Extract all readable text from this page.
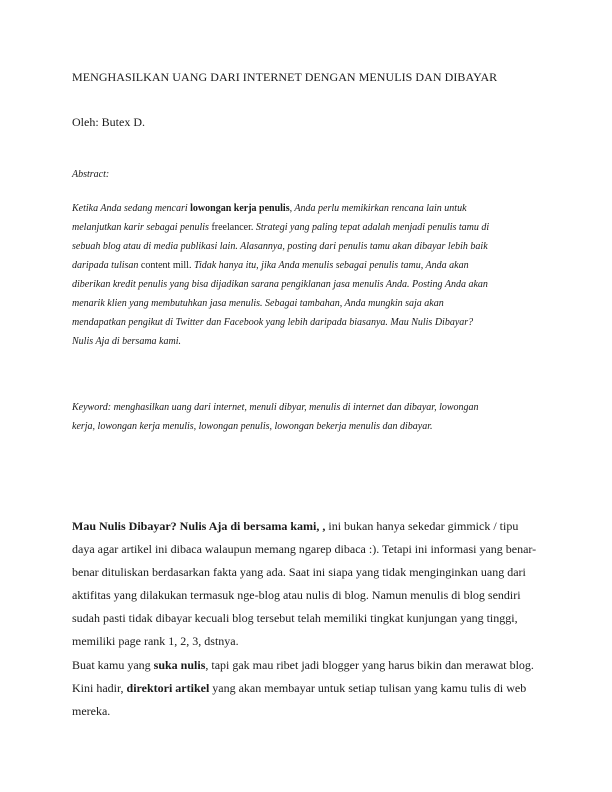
MENGHASILKAN UANG DARI INTERNET DENGAN MENULIS DAN DIBAYAR
Oleh: Butex D.
Abstract:
Ketika Anda sedang mencari lowongan kerja penulis, Anda perlu memikirkan rencana lain untuk
melanjutkan karir sebagai penulis freelancer. Strategi yang paling tepat adalah menjadi penulis tamu di
sebuah blog atau di media publikasi lain. Alasannya, posting dari penulis tamu akan dibayar lebih baik
daripada tulisan content mill. Tidak hanya itu, jika Anda menulis sebagai penulis tamu, Anda akan
diberikan kredit penulis yang bisa dijadikan sarana pengiklanan jasa menulis Anda. Posting Anda akan
menarik klien yang membutuhkan jasa menulis. Sebagai tambahan, Anda mungkin saja akan
mendapatkan pengikut di Twitter dan Facebook yang lebih daripada biasanya. Mau Nulis Dibayar?
Nulis Aja di bersama kami.
Keyword: menghasilkan uang dari internet, menuli dibyar, menulis di internet dan dibayar, lowongan
kerja, lowongan kerja menulis, lowongan penulis, lowongan bekerja menulis dan dibayar.
Mau Nulis Dibayar? Nulis Aja di bersama kami, , ini bukan hanya sekedar gimmick / tipu
daya agar artikel ini dibaca walaupun memang ngarep dibaca :). Tetapi ini informasi yang benar-
benar dituliskan berdasarkan fakta yang ada. Saat ini siapa yang tidak menginginkan uang dari
aktifitas yang dilakukan termasuk nge-blog atau nulis di blog. Namun menulis di blog sendiri
sudah pasti tidak dibayar kecuali blog tersebut telah memiliki tingkat kunjungan yang tinggi,
memiliki page rank 1, 2, 3, dstnya.
Buat kamu yang suka nulis, tapi gak mau ribet jadi blogger yang harus bikin dan merawat blog.
Kini hadir, direktori artikel yang akan membayar untuk setiap tulisan yang kamu tulis di web
mereka.
